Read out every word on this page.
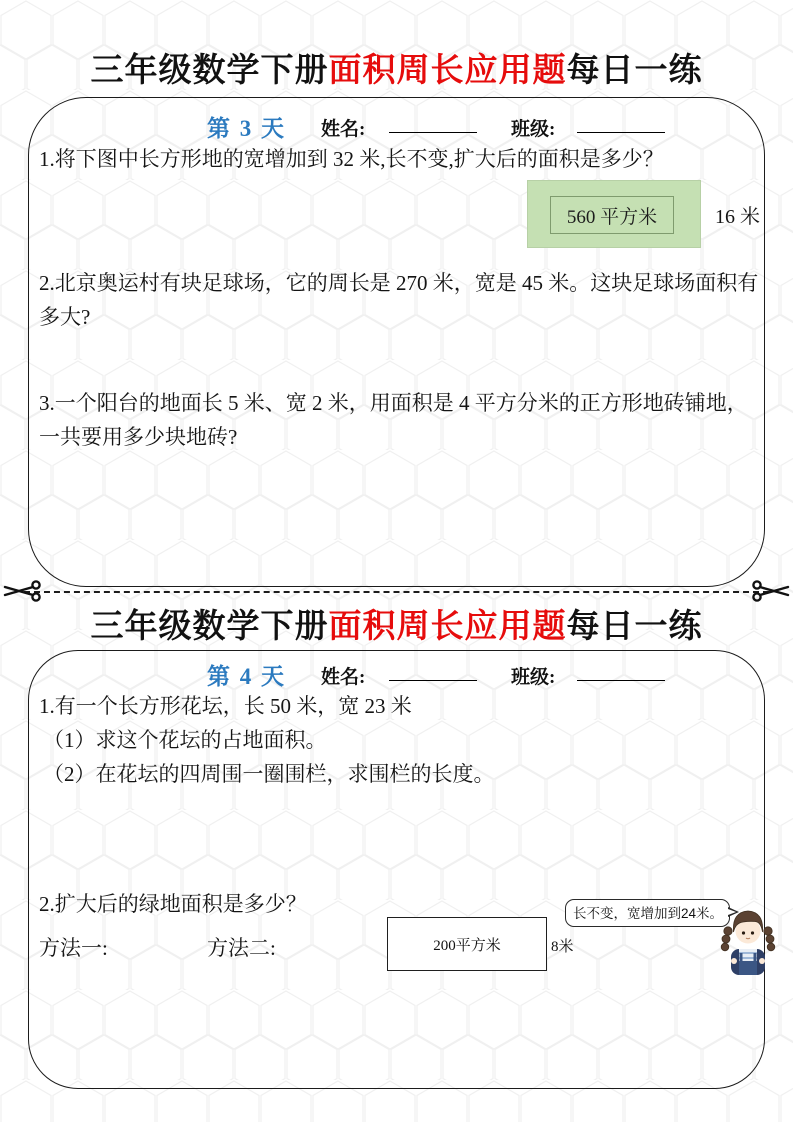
三年级数学下册面积周长应用题每日一练
第 3 天 姓名:	班级:
1.将下图中长方形地的宽增加到 32 米,长不变,扩大后的面积是多少？
560 平方米	16 米
2.北京奥运村有块足球场，它的周长是 270 米，宽是 45 米。这块足球场面积有多大?
3.一个阳台的地面长 5 米、宽 2 米，用面积是 4 平方分米的正方形地砖铺地，一共要用多少块地砖?
三年级数学下册面积周长应用题每日一练
第 4 天 姓名:	班级:
1.有一个长方形花坛，长 50 米，宽 23 米
（1）求这个花坛的占地面积。
（2）在花坛的四周围一圈围栏，求围栏的长度。
2.扩大后的绿地面积是多少？
方法一:	方法二:	200平方米	8米
长不变，宽增加到24米。
